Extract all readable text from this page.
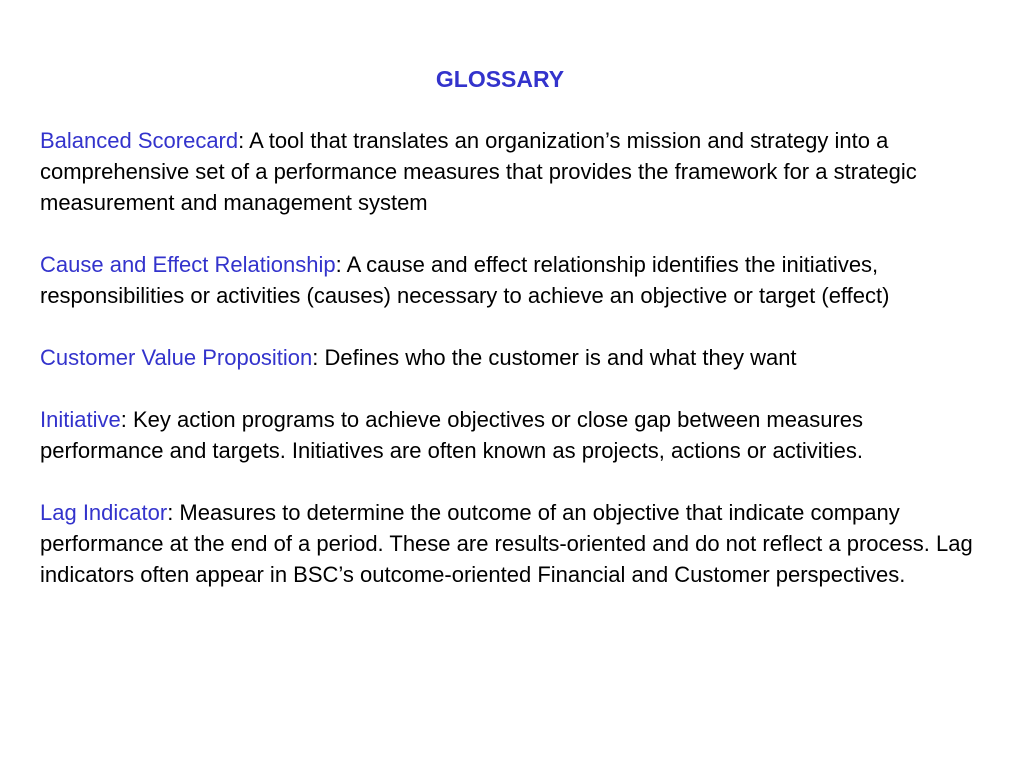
GLOSSARY

Balanced Scorecard: A tool that translates an organization’s mission and strategy into a comprehensive set of a performance measures that provides the framework for a strategic measurement and management system

Cause and Effect Relationship: A cause and effect relationship identifies the initiatives, responsibilities or activities (causes) necessary to achieve an objective or target (effect)

Customer Value Proposition: Defines who the customer is and what they want

Initiative: Key action programs to achieve objectives or close gap between measures performance and targets. Initiatives are often known as projects, actions or activities.

Lag Indicator: Measures to determine the outcome of an objective that indicate company performance at the end of a period. These are results-oriented and do not reflect a process. Lag indicators often appear in BSC’s outcome-oriented Financial and Customer perspectives.
